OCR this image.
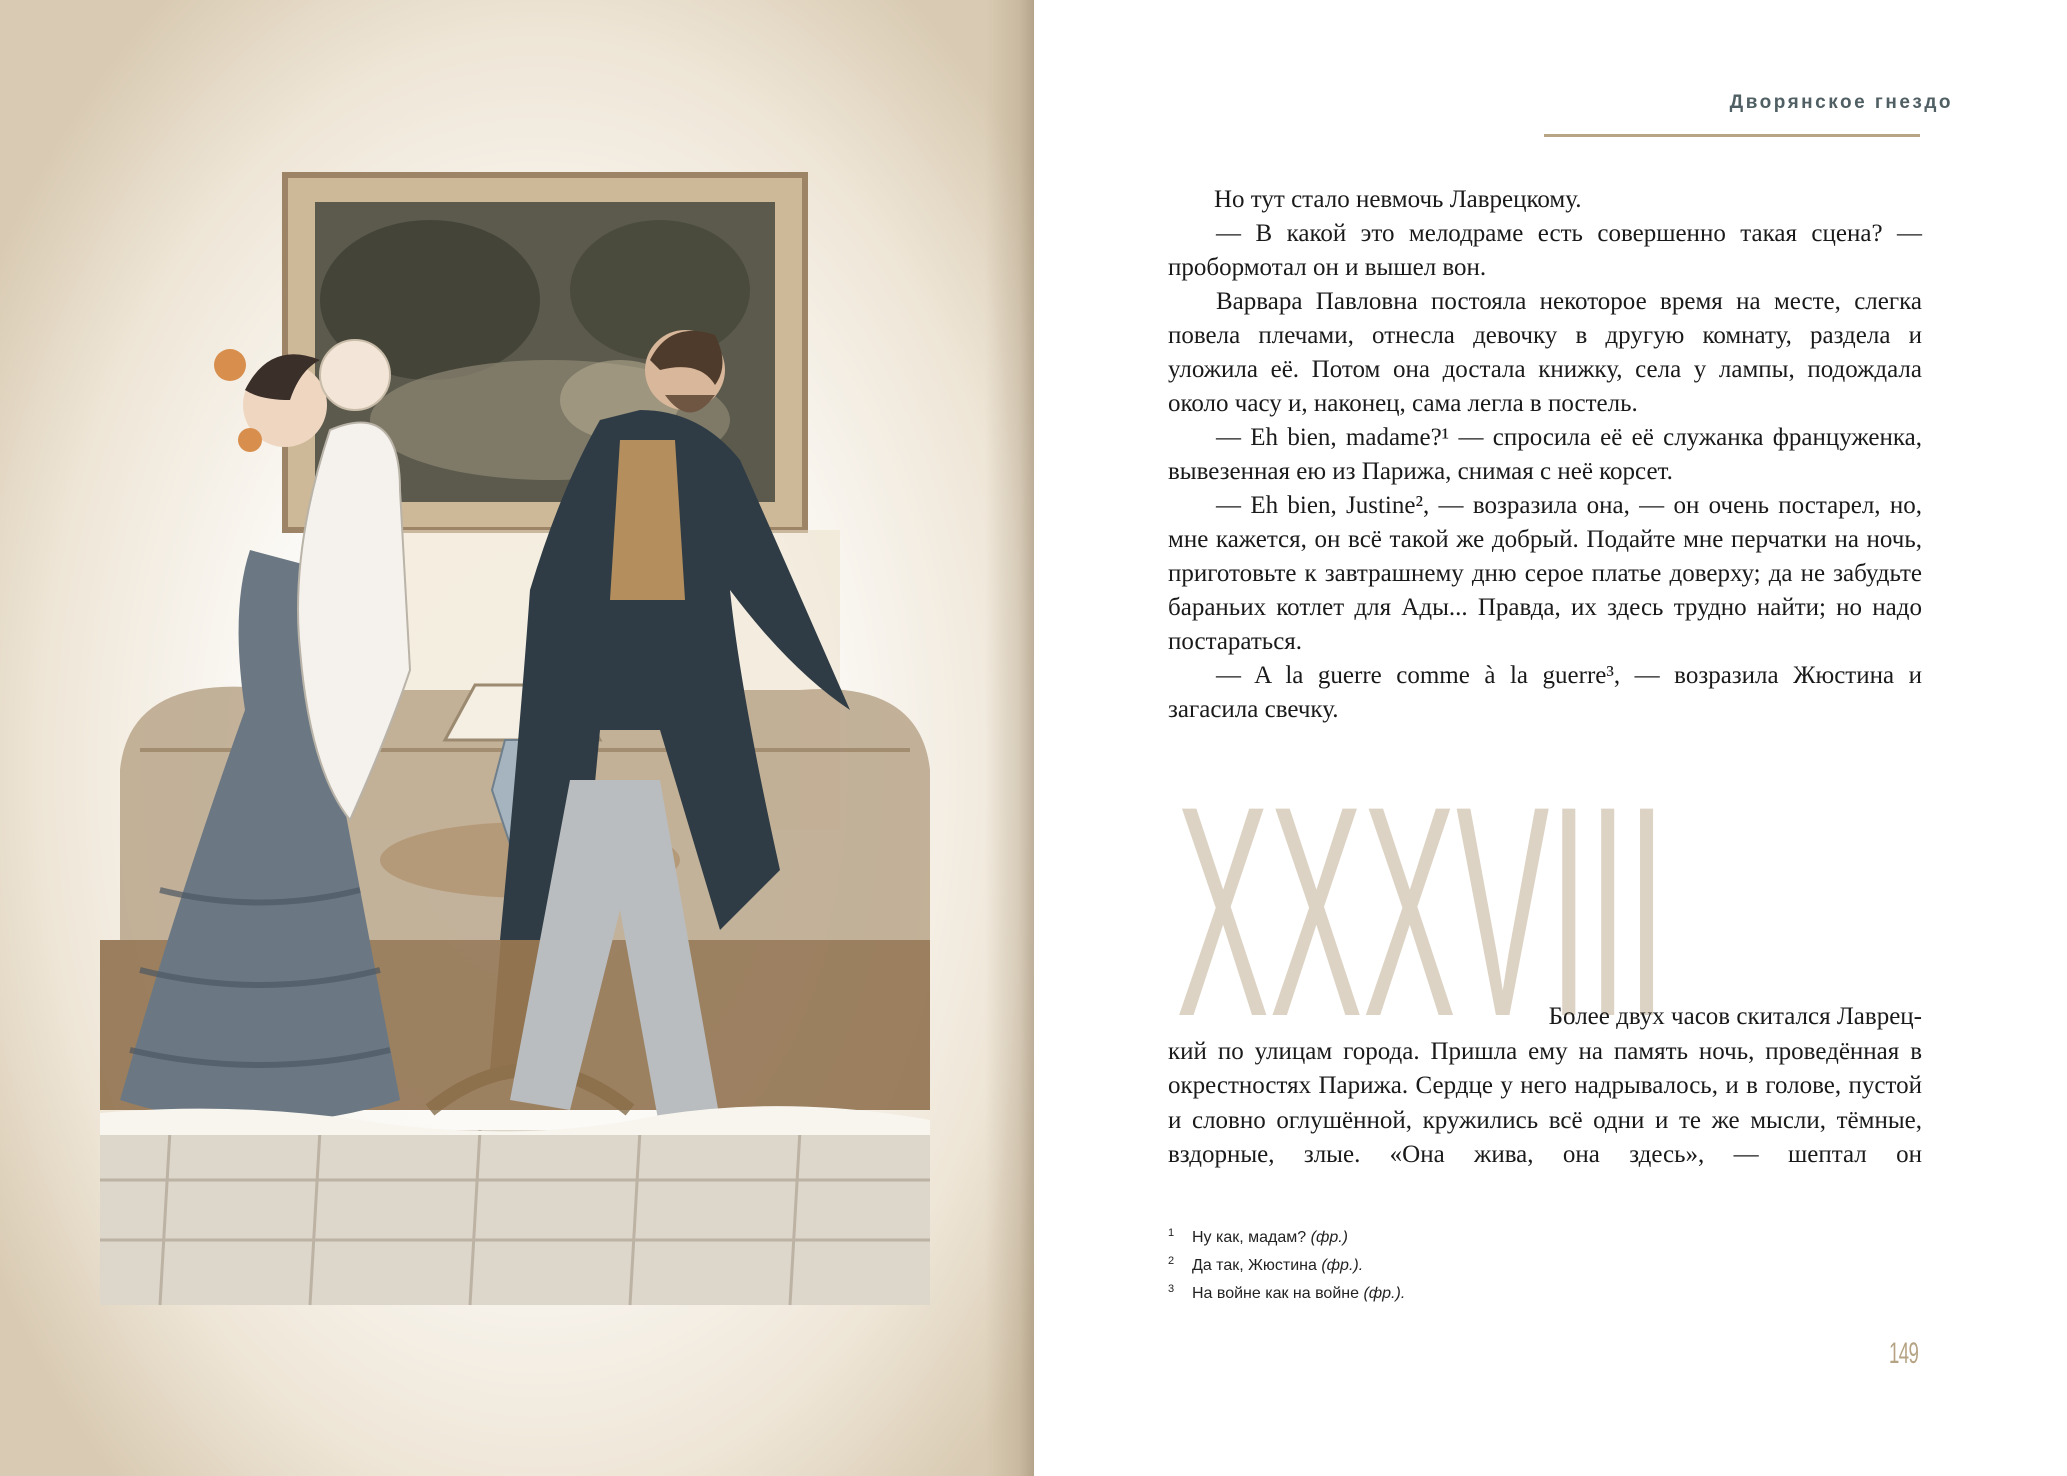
Дворянское гнездо

Но тут стало невмочь Лаврецкому.

— В какой это мелодраме есть совершенно такая сцена? — пробормотал он и вышел вон.

Варвара Павловна постояла некоторое время на месте, слегка повела плечами, отнесла девочку в другую комнату, раздела и уложила её. Потом она достала книжку, села у лампы, подождала около часу и, наконец, сама легла в постель.

— Eh bien, madame?¹ — спросила её её служанка француженка, вывезенная ею из Парижа, снимая с неё корсет.

— Eh bien, Justine², — возразила она, — он очень постарел, но, мне кажется, он всё такой же добрый. Подайте мне перчатки на ночь, приготовьте к завтрашнему дню серое платье доверху; да не забудьте бараньих котлет для Ады... Правда, их здесь трудно найти; но надо постараться.

— A la guerre comme à la guerre³, — возразила Жюстина и загасила свечку.

XXXVIII

Более двух часов скитался Лаврец-

кий по улицам города. Пришла ему на память ночь, проведённая в окрестностях Парижа. Сердце у него надрывалось, и в голове, пустой и словно оглушённой, кружились всё одни и те же мысли, тёмные, вздорные, злые. «Она жива, она здесь», — шептал он

1 Ну как, мадам? (фр.)
2 Да так, Жюстина (фр.).
3 На войне как на войне (фр.).
149
